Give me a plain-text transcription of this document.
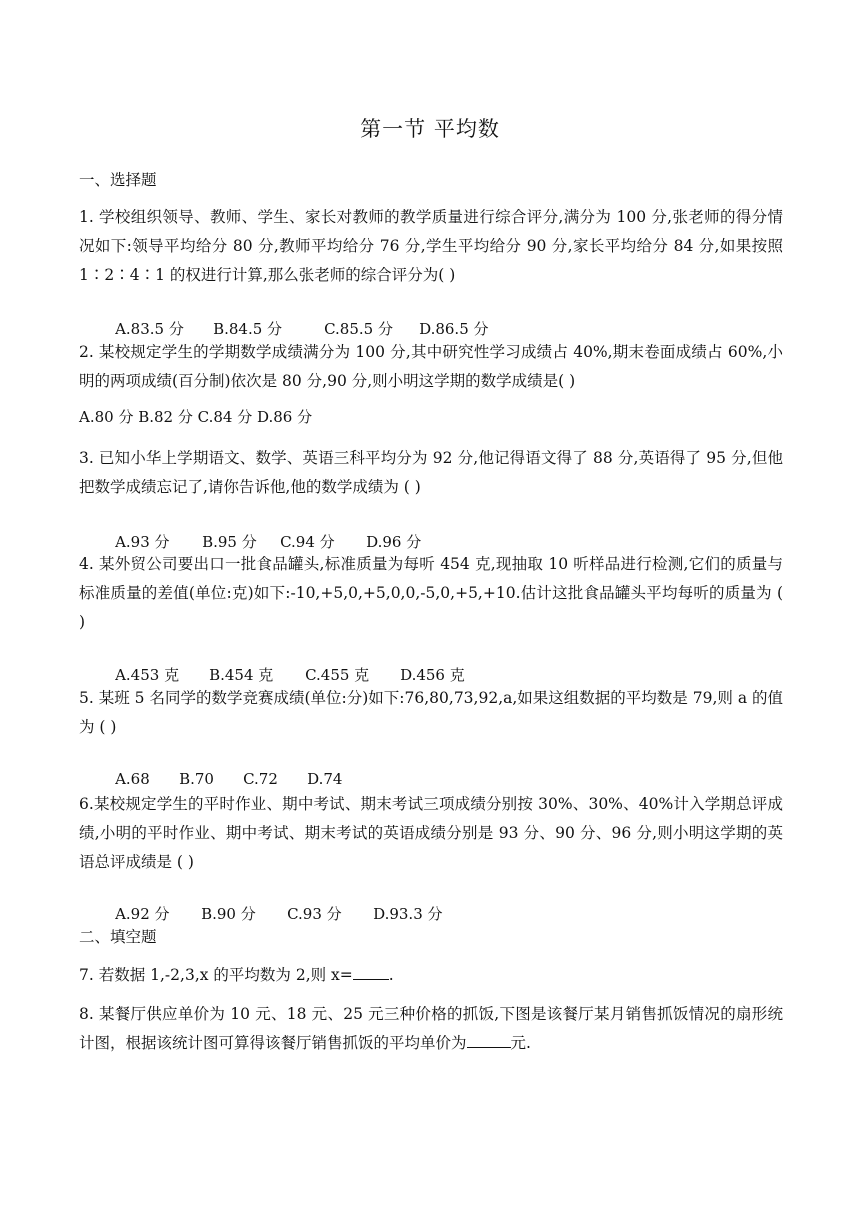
第一节 平均数
一、选择题
1. 学校组织领导、教师、学生、家长对教师的教学质量进行综合评分,满分为 100 分,张老师的得分情况如下:领导平均给分 80 分,教师平均给分 76 分,学生平均给分 90 分,家长平均给分 84 分,如果按照 1∶2∶4∶1 的权进行计算,那么张老师的综合评分为( )

A.83.5 分 B.84.5 分	C.85.5 分 D.86.5 分

2. 某校规定学生的学期数学成绩满分为 100 分,其中研究性学习成绩占 40%,期末卷面成绩占 60%,小明的两项成绩(百分制)依次是 80 分,90 分,则小明这学期的数学成绩是( )
A.80 分 B.82 分 C.84 分 D.86 分
3. 已知小华上学期语文、数学、英语三科平均分为 92 分,他记得语文得了 88 分,英语得了 95 分,但他把数学成绩忘记了,请你告诉他,他的数学成绩为 ( )

A.93 分 B.95 分 C.94 分 D.96 分

4. 某外贸公司要出口一批食品罐头,标准质量为每听 454 克,现抽取 10 听样品进行检测,它们的质量与标准质量的差值(单位:克)如下:-10,+5,0,+5,0,0,-5,0,+5,+10.估计这批食品罐头平均每听的质量为 ( )

A.453 克 B.454 克 C.455 克 D.456 克

5. 某班 5 名同学的数学竞赛成绩(单位:分)如下:76,80,73,92,a,如果这组数据的平均数是 79,则 a 的值为 ( )

A.68 B.70 C.72 D.74

6.某校规定学生的平时作业、期中考试、期末考试三项成绩分别按 30%、30%、40%计入学期总评成绩,小明的平时作业、期中考试、期末考试的英语成绩分别是 93 分、90 分、96 分,则小明这学期的英语总评成绩是 ( )

A.92 分 B.90 分 C.93 分 D.93.3 分

二、填空题
7. 若数据 1,-2,3,x 的平均数为 2,则 x= .
8. 某餐厅供应单价为 10 元、18 元、25 元三种价格的抓饭,下图是该餐厅某月销售抓饭情况的扇形统计图，根据该统计图可算得该餐厅销售抓饭的平均单价为	元.
